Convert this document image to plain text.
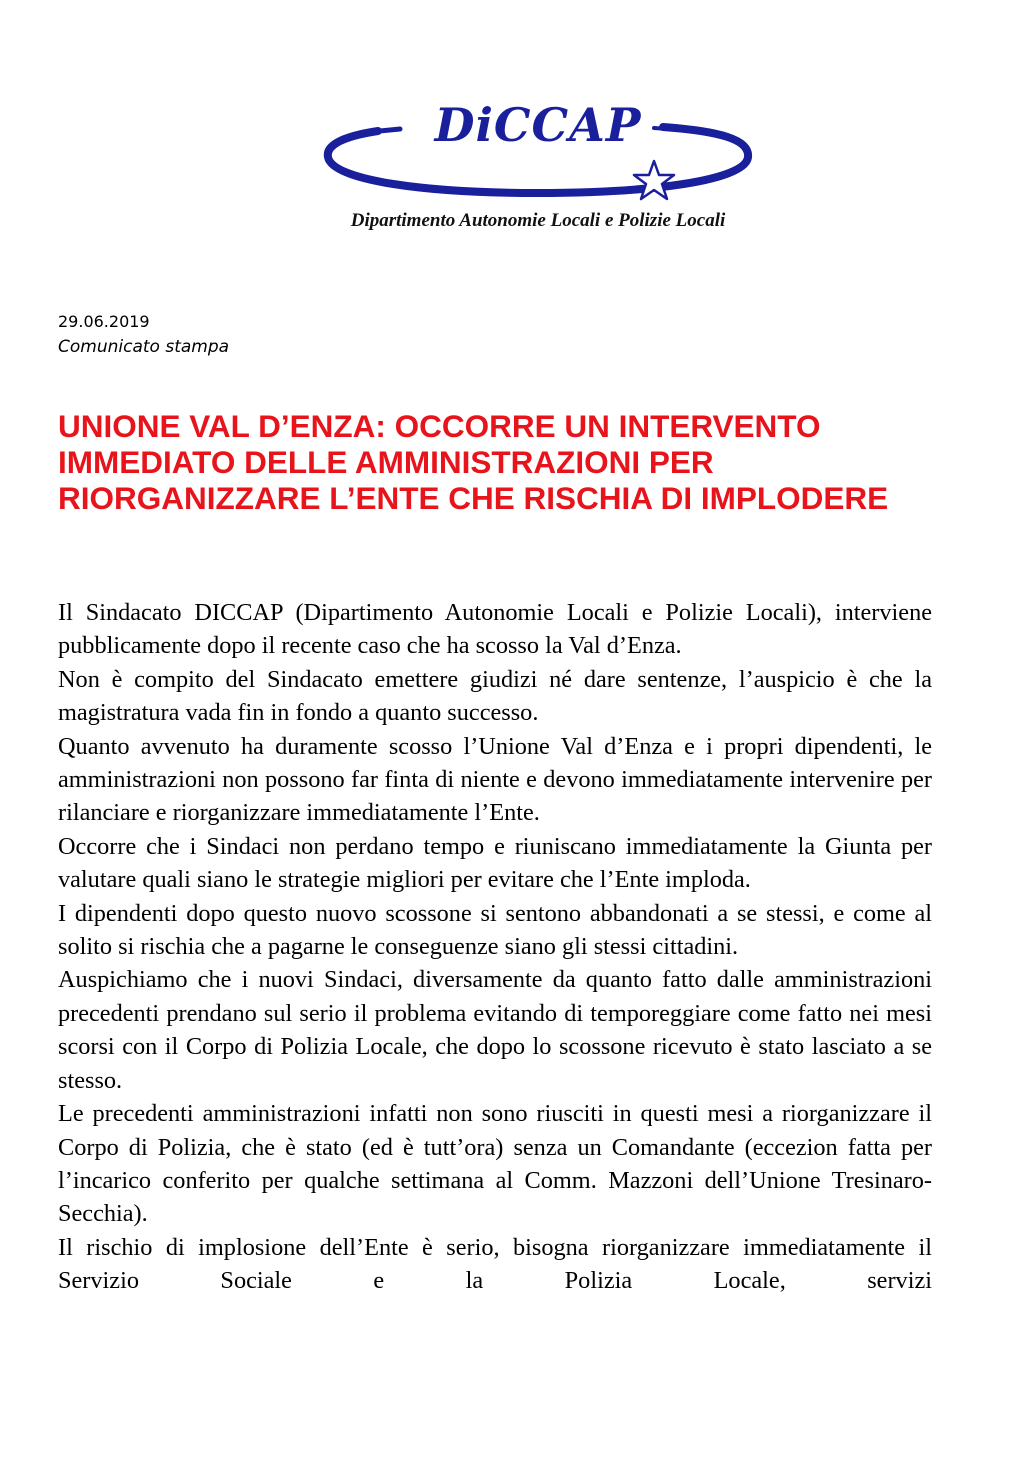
DiCCAP
Dipartimento Autonomie Locali e Polizie Locali
29.06.2019
Comunicato stampa
UNIONE VAL D’ENZA: OCCORRE UN INTERVENTO
IMMEDIATO DELLE AMMINISTRAZIONI PER
RIORGANIZZARE L’ENTE CHE RISCHIA DI IMPLODERE

Il Sindacato DICCAP (Dipartimento Autonomie Locali e Polizie Locali), interviene pubblicamente dopo il recente caso che ha scosso la Val d’Enza.

Non è compito del Sindacato emettere giudizi né dare sentenze, l’auspicio è che la magistratura vada fin in fondo a quanto successo.

Quanto avvenuto ha duramente scosso l’Unione Val d’Enza e i propri dipendenti, le amministrazioni non possono far finta di niente e devono immediatamente intervenire per rilanciare e riorganizzare immediatamente l’Ente.

Occorre che i Sindaci non perdano tempo e riuniscano immediatamente la Giunta per valutare quali siano le strategie migliori per evitare che l’Ente imploda.

I dipendenti dopo questo nuovo scossone si sentono abbandonati a se stessi, e come al solito si rischia che a pagarne le conseguenze siano gli stessi cittadini.

Auspichiamo che i nuovi Sindaci, diversamente da quanto fatto dalle amministrazioni precedenti prendano sul serio il problema evitando di temporeggiare come fatto nei mesi scorsi con il Corpo di Polizia Locale, che dopo lo scossone ricevuto è stato lasciato a se stesso.

Le precedenti amministrazioni infatti non sono riusciti in questi mesi a riorganizzare il Corpo di Polizia, che è stato (ed è tutt’ora) senza un Comandante (eccezion fatta per l’incarico conferito per qualche settimana al Comm. Mazzoni dell’Unione Tresinaro-Secchia).

Il rischio di implosione dell’Ente è serio, bisogna riorganizzare immediatamente il Servizio Sociale e la Polizia Locale, servizi
